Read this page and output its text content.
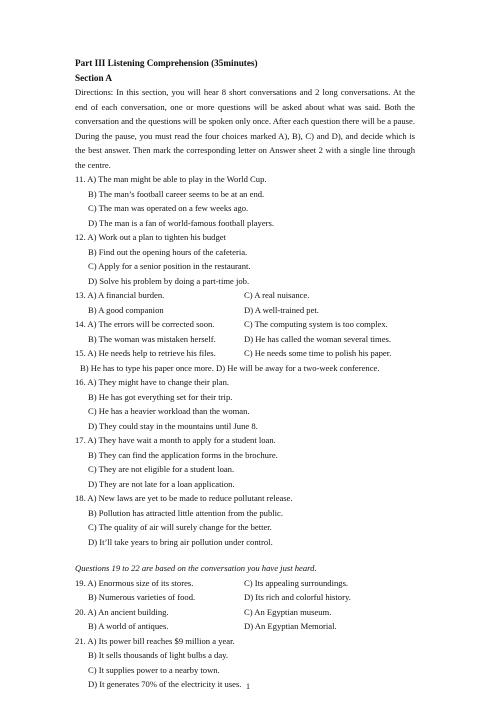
Part III Listening Comprehension (35minutes)
Section A
Directions: In this section, you will hear 8 short conversations and 2 long conversations. At the end of each conversation, one or more questions will be asked about what was said. Both the conversation and the questions will be spoken only once. After each question there will be a pause. During the pause, you must read the four choices marked A), B), C) and D), and decide which is the best answer. Then mark the corresponding letter on Answer sheet 2 with a single line through the centre.
11. A) The man might be able to play in the World Cup.
B) The man’s football career seems to be at an end.
C) The man was operated on a few weeks ago.
D) The man is a fan of world-famous football players.
12. A) Work out a plan to tighten his budget
B) Find out the opening hours of the cafeteria.
C) Apply for a senior position in the restaurant.
D) Solve his problem by doing a part-time job.
13. A) A financial burden.	C) A real nuisance.
B) A good companion	D) A well-trained pet.
14. A) The errors will be corrected soon.	C) The computing system is too complex.
B) The woman was mistaken herself.	D) He has called the woman several times.
15. A) He needs help to retrieve his files.	C) He needs some time to polish his paper.
B) He has to type his paper once more. D) He will be away for a two-week conference.
16. A) They might have to change their plan.
B) He has got everything set for their trip.
C) He has a heavier workload than the woman.
D) They could stay in the mountains until June 8.
17. A) They have wait a month to apply for a student loan.
B) They can find the application forms in the brochure.
C) They are not eligible for a student loan.
D) They are not late for a loan application.
18. A) New laws are yet to be made to reduce pollutant release.
B) Pollution has attracted little attention from the public.
C) The quality of air will surely change for the better.
D) It’ll take years to bring air pollution under control.
Questions 19 to 22 are based on the conversation you have just heard.
19. A) Enormous size of its stores.	C) Its appealing surroundings.
B) Numerous varieties of food.	D) Its rich and colorful history.
20. A) An ancient building.	C) An Egyptian museum.
B) A world of antiques.	D) An Egyptian Memorial.
21. A) Its power bill reaches $9 million a year.
B) It sells thousands of light bulbs a day.
C) It supplies power to a nearby town.
D) It generates 70% of the electricity it uses. 1
